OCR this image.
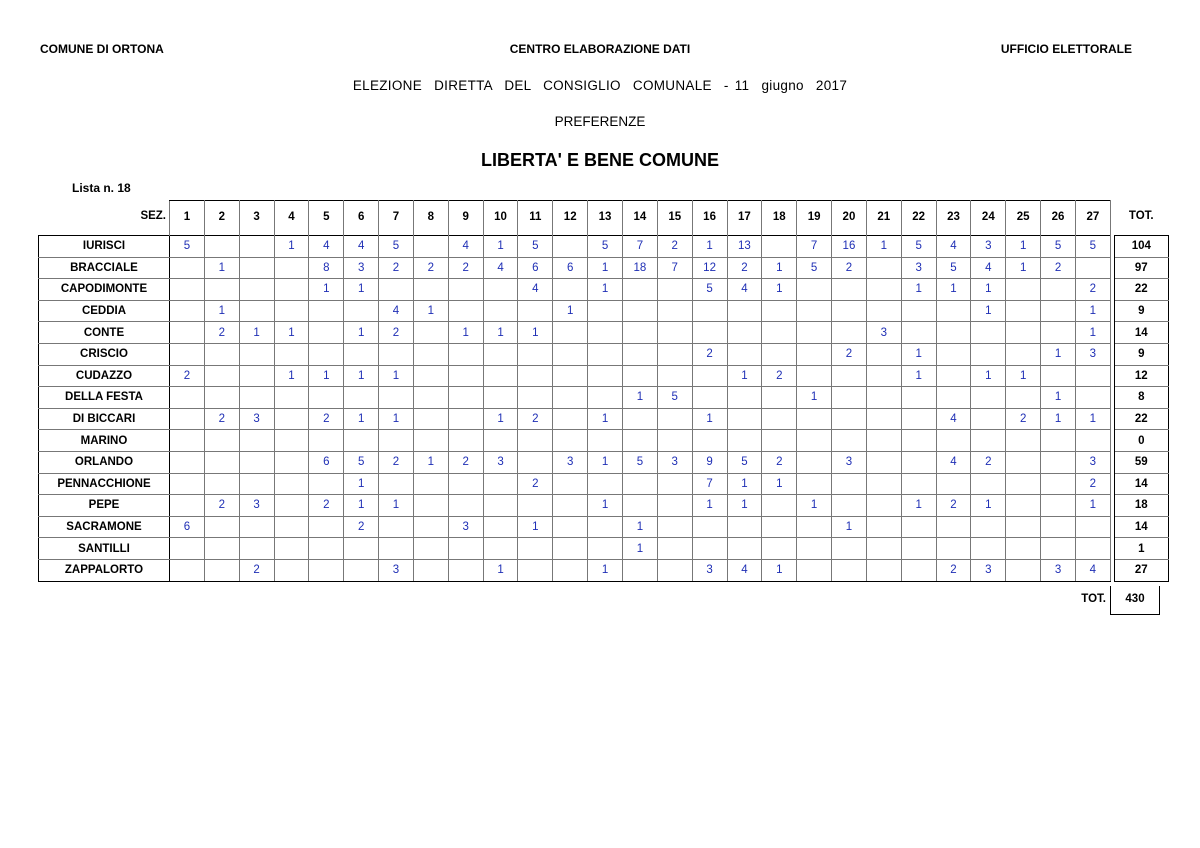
COMUNE DI ORTONA	CENTRO ELABORAZIONE DATI	UFFICIO ELETTORALE
ELEZIONE  DIRETTA  DEL  CONSIGLIO  COMUNALE  - 11  giugno  2017
PREFERENZE
LIBERTA' E BENE COMUNE
Lista n. 18
SEZ.	1	2	3	4	5	6	7	8	9	10	11	12	13	14	15	16	17	18	19	20	21	22	23	24	25	26	27		TOT.

IURISCI	5			1	4	4	5		4	1	5		5	7	2	1	13		7	16	1	5	4	3	1	5	5		104
BRACCIALE		1			8	3	2	2	2	4	6	6	1	18	7	12	2	1	5	2		3	5	4	1	2			97
CAPODIMONTE					1	1					4		1			5	4	1				1	1	1			2		22
CEDDIA		1					4	1				1												1			1		9
CONTE		2	1	1		1	2		1	1	1										3						1		14
CRISCIO																2				2		1				1	3		9
CUDAZZO	2			1	1	1	1										1	2				1		1	1				12
DELLA FESTA														1	5				1							1			8
DI BICCARI		2	3		2	1	1			1	2		1			1							4		2	1	1		22
MARINO																													0
ORLANDO					6	5	2	1	2	3		3	1	5	3	9	5	2		3			4	2			3		59
PENNACCHIONE						1					2					7	1	1									2		14
PEPE		2	3		2	1	1						1			1	1		1			1	2	1			1		18
SACRAMONE	6					2			3		1			1						1									14
SANTILLI														1															1
ZAPPALORTO			2				3			1			1			3	4	1					2	3		3	4		27
TOT.	430
